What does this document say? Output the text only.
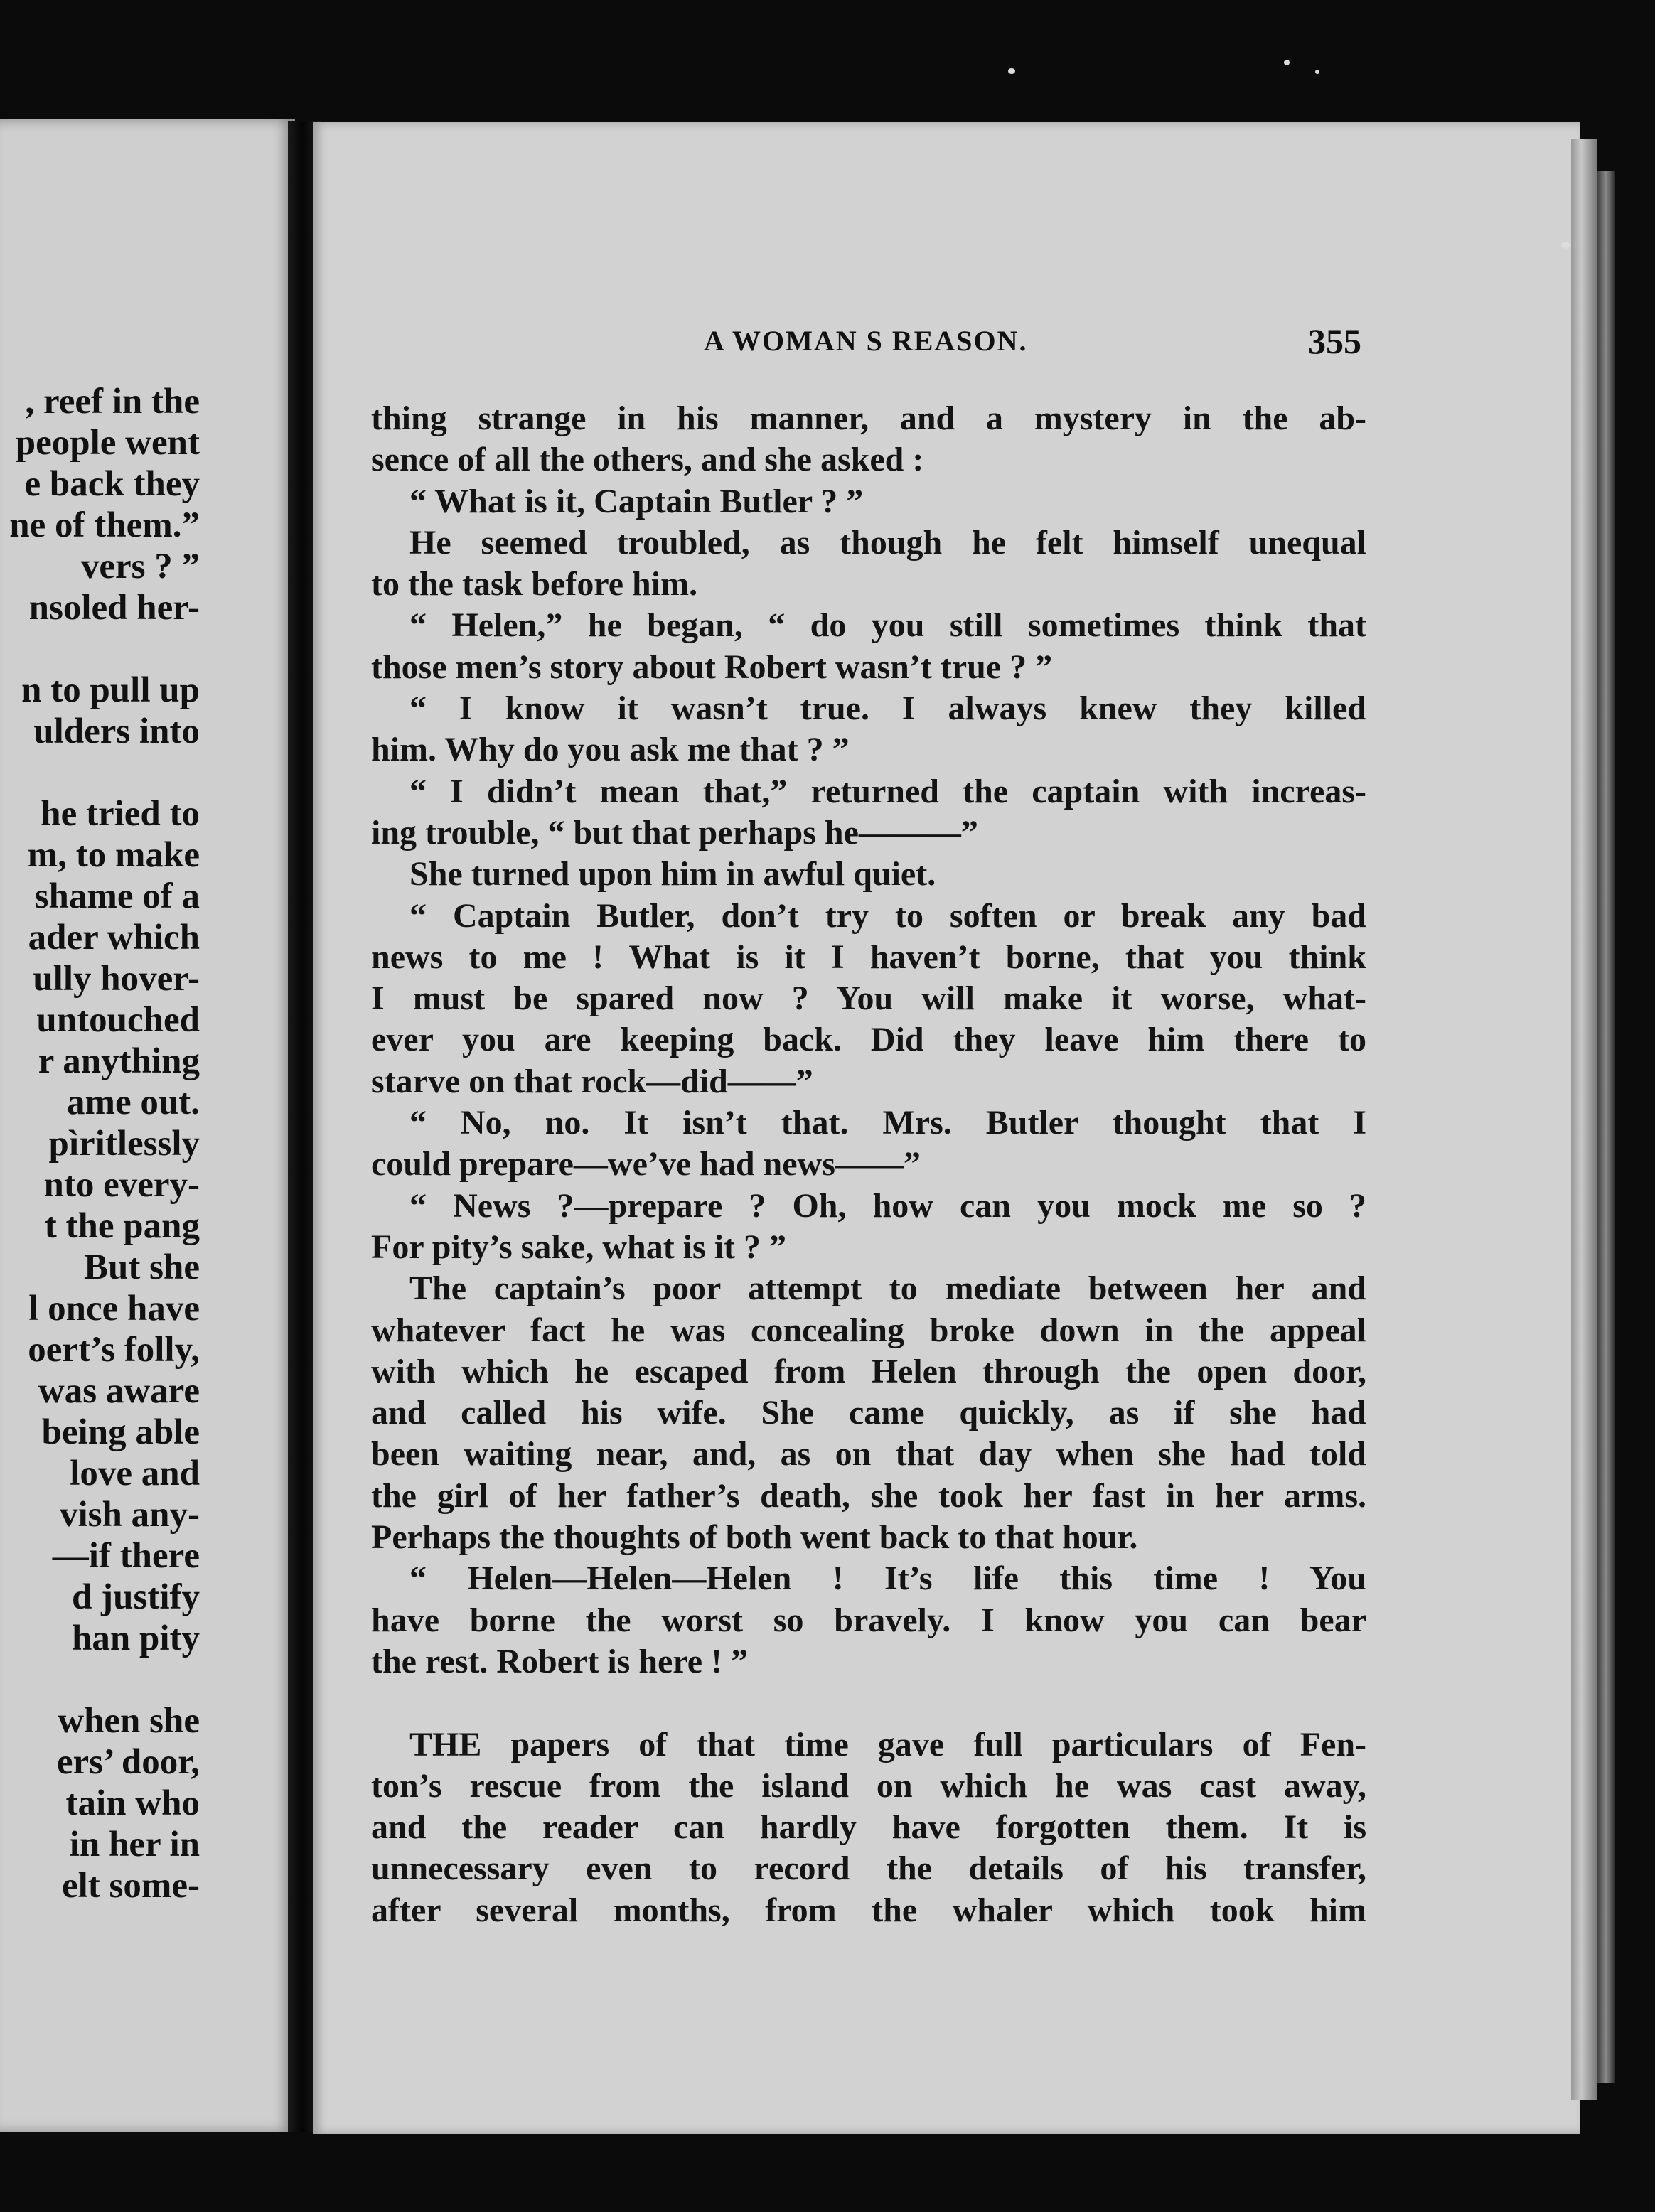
, reef in the
people went
e back they
ne of them.”
vers ? ”
nsoled her-
n to pull up
ulders into
he tried to
m, to make
shame of a
ader which
ully hover-
untouched
r anything
ame out.
pìritlessly
nto every-
t the pang
But she
l once have
oert’s folly,
was aware
being able
love and
vish any-
—if there
d justify
han pity
when she
ers’ door,
tain who
in her in
elt some-
A WOMAN S REASON.	355
thing strange in his manner, and a mystery in the ab-
sence of all the others, and she asked :
“ What is it, Captain Butler ? ”
He seemed troubled, as though he felt himself unequal
to the task before him.
“ Helen,” he began, “ do you still sometimes think that
those men’s story about Robert wasn’t true ? ”
“ I know it wasn’t true. I always knew they killed
him. Why do you ask me that ? ”
“ I didn’t mean that,” returned the captain with increas-
ing trouble, “ but that perhaps he———”
She turned upon him in awful quiet.
“ Captain Butler, don’t try to soften or break any bad
news to me ! What is it I haven’t borne, that you think
I must be spared now ? You will make it worse, what-
ever you are keeping back. Did they leave him there to
starve on that rock—did——”
“ No, no. It isn’t that. Mrs. Butler thought that I
could prepare—we’ve had news——”
“ News ?—prepare ? Oh, how can you mock me so ?
For pity’s sake, what is it ? ”
The captain’s poor attempt to mediate between her and
whatever fact he was concealing broke down in the appeal
with which he escaped from Helen through the open door,
and called his wife. She came quickly, as if she had
been waiting near, and, as on that day when she had told
the girl of her father’s death, she took her fast in her arms.
Perhaps the thoughts of both went back to that hour.
“ Helen—Helen—Helen ! It’s life this time ! You
have borne the worst so bravely. I know you can bear
the rest. Robert is here ! ”
THE papers of that time gave full particulars of Fen-
ton’s rescue from the island on which he was cast away,
and the reader can hardly have forgotten them. It is
unnecessary even to record the details of his transfer,
after several months, from the whaler which took him
